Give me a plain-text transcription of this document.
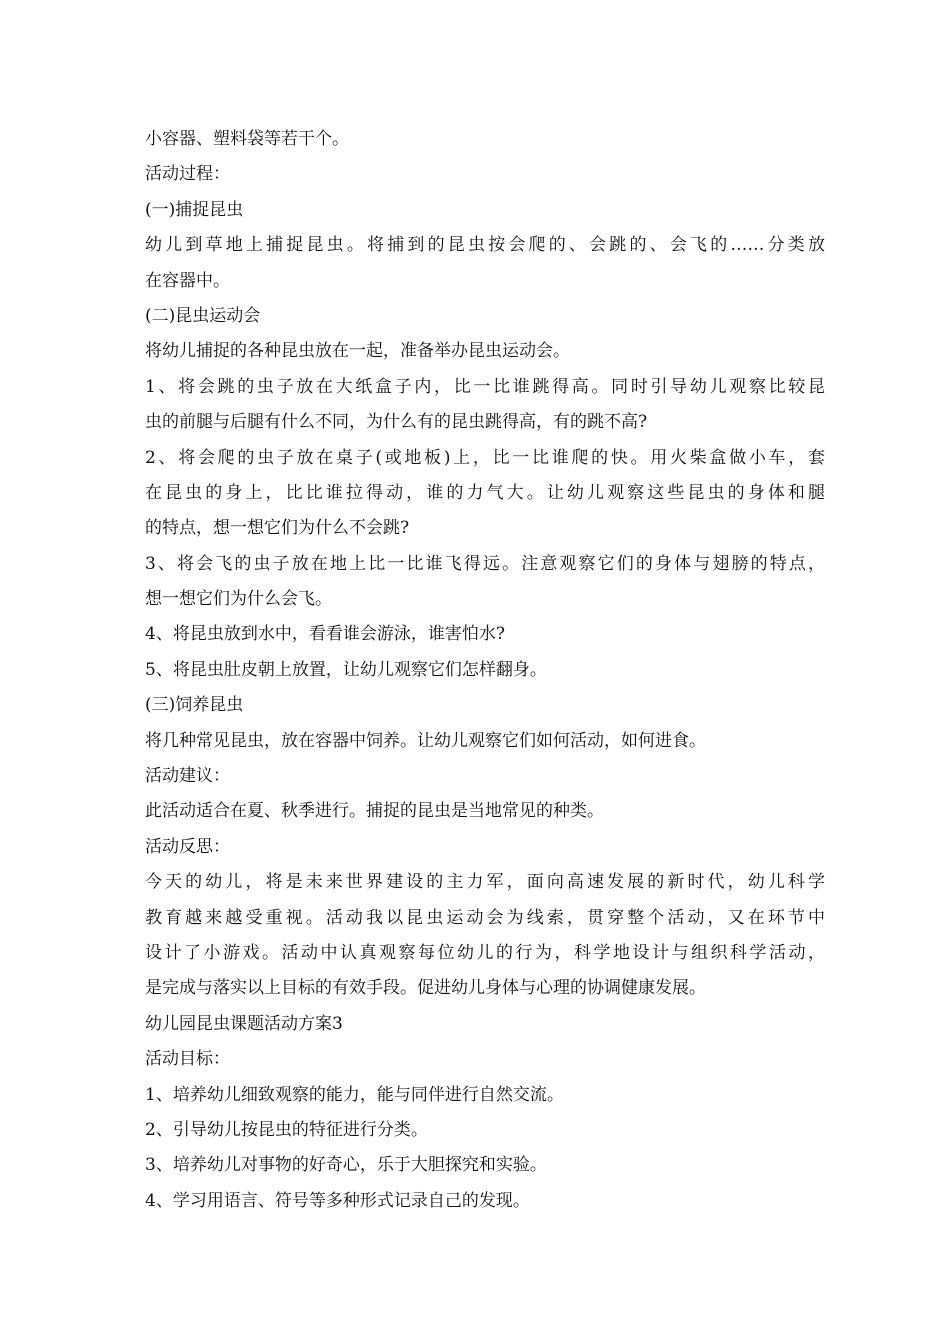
小容器、塑料袋等若干个。
活动过程：
(一)捕捉昆虫
幼儿到草地上捕捉昆虫。将捕到的昆虫按会爬的、会跳的、会飞的……分类放
在容器中。
(二)昆虫运动会
将幼儿捕捉的各种昆虫放在一起，准备举办昆虫运动会。
1、将会跳的虫子放在大纸盒子内，比一比谁跳得高。同时引导幼儿观察比较昆
虫的前腿与后腿有什么不同，为什么有的昆虫跳得高，有的跳不高?
2、将会爬的虫子放在桌子(或地板)上，比一比谁爬的快。用火柴盒做小车，套
在昆虫的身上，比比谁拉得动，谁的力气大。让幼儿观察这些昆虫的身体和腿
的特点，想一想它们为什么不会跳?
3、将会飞的虫子放在地上比一比谁飞得远。注意观察它们的身体与翅膀的特点，
想一想它们为什么会飞。
4、将昆虫放到水中，看看谁会游泳，谁害怕水?
5、将昆虫肚皮朝上放置，让幼儿观察它们怎样翻身。
(三)饲养昆虫
将几种常见昆虫，放在容器中饲养。让幼儿观察它们如何活动，如何进食。
活动建议：
此活动适合在夏、秋季进行。捕捉的昆虫是当地常见的种类。
活动反思：
今天的幼儿，将是未来世界建设的主力军，面向高速发展的新时代，幼儿科学
教育越来越受重视。活动我以昆虫运动会为线索，贯穿整个活动，又在环节中
设计了小游戏。活动中认真观察每位幼儿的行为，科学地设计与组织科学活动，
是完成与落实以上目标的有效手段。促进幼儿身体与心理的协调健康发展。
幼儿园昆虫课题活动方案3
活动目标：
1、培养幼儿细致观察的能力，能与同伴进行自然交流。
2、引导幼儿按昆虫的特征进行分类。
3、培养幼儿对事物的好奇心，乐于大胆探究和实验。
4、学习用语言、符号等多种形式记录自己的发现。
